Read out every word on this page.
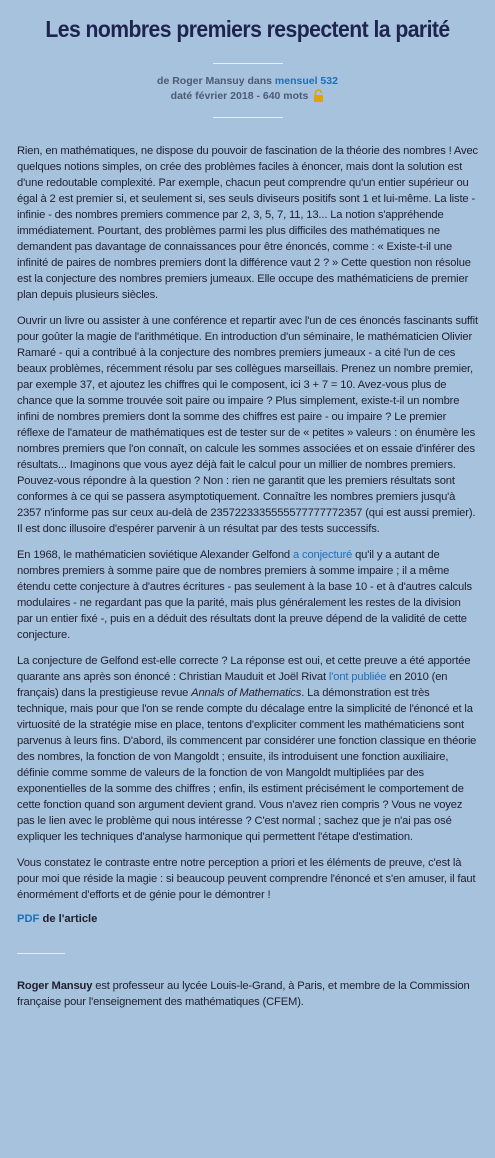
Les nombres premiers respectent la parité
de Roger Mansuy dans mensuel 532
daté février 2018 - 640 mots

Rien, en mathématiques, ne dispose du pouvoir de fascination de la théorie des nombres ! Avec quelques notions simples, on crée des problèmes faciles à énoncer, mais dont la solution est d'une redoutable complexité. Par exemple, chacun peut comprendre qu'un entier supérieur ou égal à 2 est premier si, et seulement si, ses seuls diviseurs positifs sont 1 et lui-même. La liste - infinie - des nombres premiers commence par 2, 3, 5, 7, 11, 13... La notion s'appréhende immédiatement. Pourtant, des problèmes parmi les plus difficiles des mathématiques ne demandent pas davantage de connaissances pour être énoncés, comme : « Existe-t-il une infinité de paires de nombres premiers dont la différence vaut 2 ? » Cette question non résolue est la conjecture des nombres premiers jumeaux. Elle occupe des mathématiciens de premier plan depuis plusieurs siècles.

Ouvrir un livre ou assister à une conférence et repartir avec l'un de ces énoncés fascinants suffit pour goûter la magie de l'arithmétique. En introduction d'un séminaire, le mathématicien Olivier Ramaré - qui a contribué à la conjecture des nombres premiers jumeaux - a cité l'un de ces beaux problèmes, récemment résolu par ses collègues marseillais. Prenez un nombre premier, par exemple 37, et ajoutez les chiffres qui le composent, ici 3 + 7 = 10. Avez-vous plus de chance que la somme trouvée soit paire ou impaire ? Plus simplement, existe-t-il un nombre infini de nombres premiers dont la somme des chiffres est paire - ou impaire ? Le premier réflexe de l'amateur de mathématiques est de tester sur de « petites » valeurs : on énumère les nombres premiers que l'on connaît, on calcule les sommes associées et on essaie d'inférer des résultats... Imaginons que vous ayez déjà fait le calcul pour un millier de nombres premiers. Pouvez-vous répondre à la question ? Non : rien ne garantit que les premiers résultats sont conformes à ce qui se passera asymptotiquement. Connaître les nombres premiers jusqu'à 2357 n'informe pas sur ceux au-delà de 2357223335555577777772357 (qui est aussi premier). Il est donc illusoire d'espérer parvenir à un résultat par des tests successifs.

En 1968, le mathématicien soviétique Alexander Gelfond a conjecturé qu'il y a autant de nombres premiers à somme paire que de nombres premiers à somme impaire ; il a même étendu cette conjecture à d'autres écritures - pas seulement à la base 10 - et à d'autres calculs modulaires - ne regardant pas que la parité, mais plus généralement les restes de la division par un entier fixé -, puis en a déduit des résultats dont la preuve dépend de la validité de cette conjecture.

La conjecture de Gelfond est-elle correcte ? La réponse est oui, et cette preuve a été apportée quarante ans après son énoncé : Christian Mauduit et Joël Rivat l'ont publiée en 2010 (en français) dans la prestigieuse revue Annals of Mathematics. La démonstration est très technique, mais pour que l'on se rende compte du décalage entre la simplicité de l'énoncé et la virtuosité de la stratégie mise en place, tentons d'expliciter comment les mathématiciens sont parvenus à leurs fins. D'abord, ils commencent par considérer une fonction classique en théorie des nombres, la fonction de von Mangoldt ; ensuite, ils introduisent une fonction auxiliaire, définie comme somme de valeurs de la fonction de von Mangoldt multipliées par des exponentielles de la somme des chiffres ; enfin, ils estiment précisément le comportement de cette fonction quand son argument devient grand. Vous n'avez rien compris ? Vous ne voyez pas le lien avec le problème qui nous intéresse ? C'est normal ; sachez que je n'ai pas osé expliquer les techniques d'analyse harmonique qui permettent l'étape d'estimation.

Vous constatez le contraste entre notre perception a priori et les éléments de preuve, c'est là pour moi que réside la magie : si beaucoup peuvent comprendre l'énoncé et s'en amuser, il faut énormément d'efforts et de génie pour le démontrer !

PDF de l'article

Roger Mansuy est professeur au lycée Louis-le-Grand, à Paris, et membre de la Commission française pour l'enseignement des mathématiques (CFEM).
